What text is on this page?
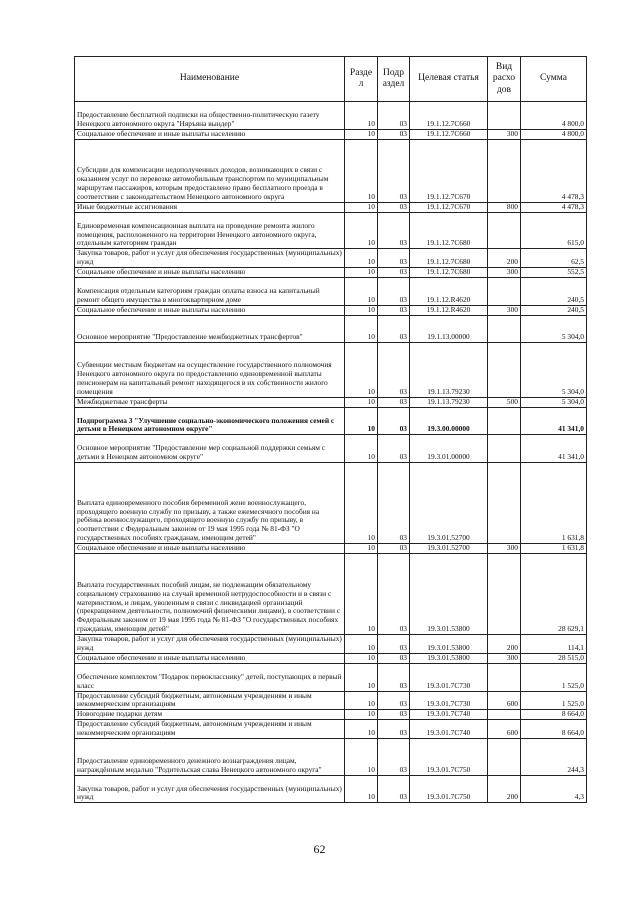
Наименование	Разде л	Подр аздел	Целевая статья	Вид расхо дов	Сумма
Предоставление бесплатной подписки на общественно-политическую газету Ненецкого автономного округа "Няръяна вындер"	10	03	19.1.12.7С660		4 800,0
Социальное обеспечение и иные выплаты населению	10	03	19.1.12.7С660	300	4 800,0
Субсидии для компенсации недополученных доходов, возникающих в связи с оказанием услуг по перевозке автомобильным транспортом по муниципальным маршрутам пассажиров, которым предоставлено право бесплатного проезда в соответствии с законодательством Ненецкого автономного округа	10	03	19.1.12.7С670		4 478,3
Иные бюджетные ассигнования	10	03	19.1.12.7С670	800	4 478,3
Единовременная компенсационная выплата на проведение ремонта жилого помещения, расположенного на территории Ненецкого автономного округа, отдельным категориям граждан	10	03	19.1.12.7С680		615,0
Закупка товаров, работ и услуг для обеспечения государственных (муниципальных) нужд	10	03	19.1.12.7С680	200	62,5
Социальное обеспечение и иные выплаты населению	10	03	19.1.12.7С680	300	552,5
Компенсация отдельным категориям граждан оплаты взноса на капитальный ремонт общего имущества в многоквартирном доме	10	03	19.1.12.R4620		240,5
Социальное обеспечение и иные выплаты населению	10	03	19.1.12.R4620	300	240,5
Основное мероприятие "Предоставление межбюджетных трансфертов"	10	03	19.1.13.00000		5 304,0
Субвенции местным бюджетам на осуществление государственного полномочия Ненецкого автономного округа по предоставлению единовременной выплаты пенсионерам на капитальный ремонт находящегося в их собственности жилого помещения	10	03	19.1.13.79230		5 304,0
Межбюджетные трансферты	10	03	19.1.13.79230	500	5 304,0
Подпрограмма 3 "Улучшение социально-экономического положения семей с детьми в Ненецком автономном округе"	10	03	19.3.00.00000		41 341,0
Основное мероприятие "Предоставление мер социальной поддержки семьям с детьми в Ненецком автономном округе"	10	03	19.3.01.00000		41 341,0
Выплата единовременного пособия беременной жене военнослужащего, проходящего военную службу по призыву, а также ежемесячного пособия на ребёнка военнослужащего, проходящего военную службу по призыву, в соответствии с Федеральным законом от 19 мая 1995 года № 81-ФЗ "О государственных пособиях гражданам, имеющим детей"	10	03	19.3.01.52700		1 631,8
Социальное обеспечение и иные выплаты населению	10	03	19.3.01.52700	300	1 631,8
Выплата государственных пособий лицам, не подлежащим обязательному социальному страхованию на случай временной нетрудоспособности и в связи с материнством, и лицам, уволенным в связи с ликвидацией организаций (прекращением деятельности, полномочий физическими лицами), в соответствии с Федеральным законом от 19 мая 1995 года № 81-ФЗ "О государственных пособиях гражданам, имеющим детей"	10	03	19.3.01.53800		28 629,1
Закупка товаров, работ и услуг для обеспечения государственных (муниципальных) нужд	10	03	19.3.01.53800	200	114,1
Социальное обеспечение и иные выплаты населению	10	03	19.3.01.53800	300	28 515,0
Обеспечение комплектом "Подарок первокласснику" детей, поступающих в первый класс	10	03	19.3.01.7С730		1 525,0
Предоставление субсидий бюджетным, автономным учреждениям и иным некоммерческим организациям	10	03	19.3.01.7С730	600	1 525,0
Новогодние подарки детям	10	03	19.3.01.7С740		8 664,0
Предоставление субсидий бюджетным, автономным учреждениям и иным некоммерческим организациям	10	03	19.3.01.7С740	600	8 664,0
Предоставление единовременного денежного вознаграждения лицам, награждённым медалью "Родительская слава Ненецкого автономного округа"	10	03	19.3.01.7С750		244,3
Закупка товаров, работ и услуг для обеспечения государственных (муниципальных) нужд	10	03	19.3.01.7С750	200	4,3
62
